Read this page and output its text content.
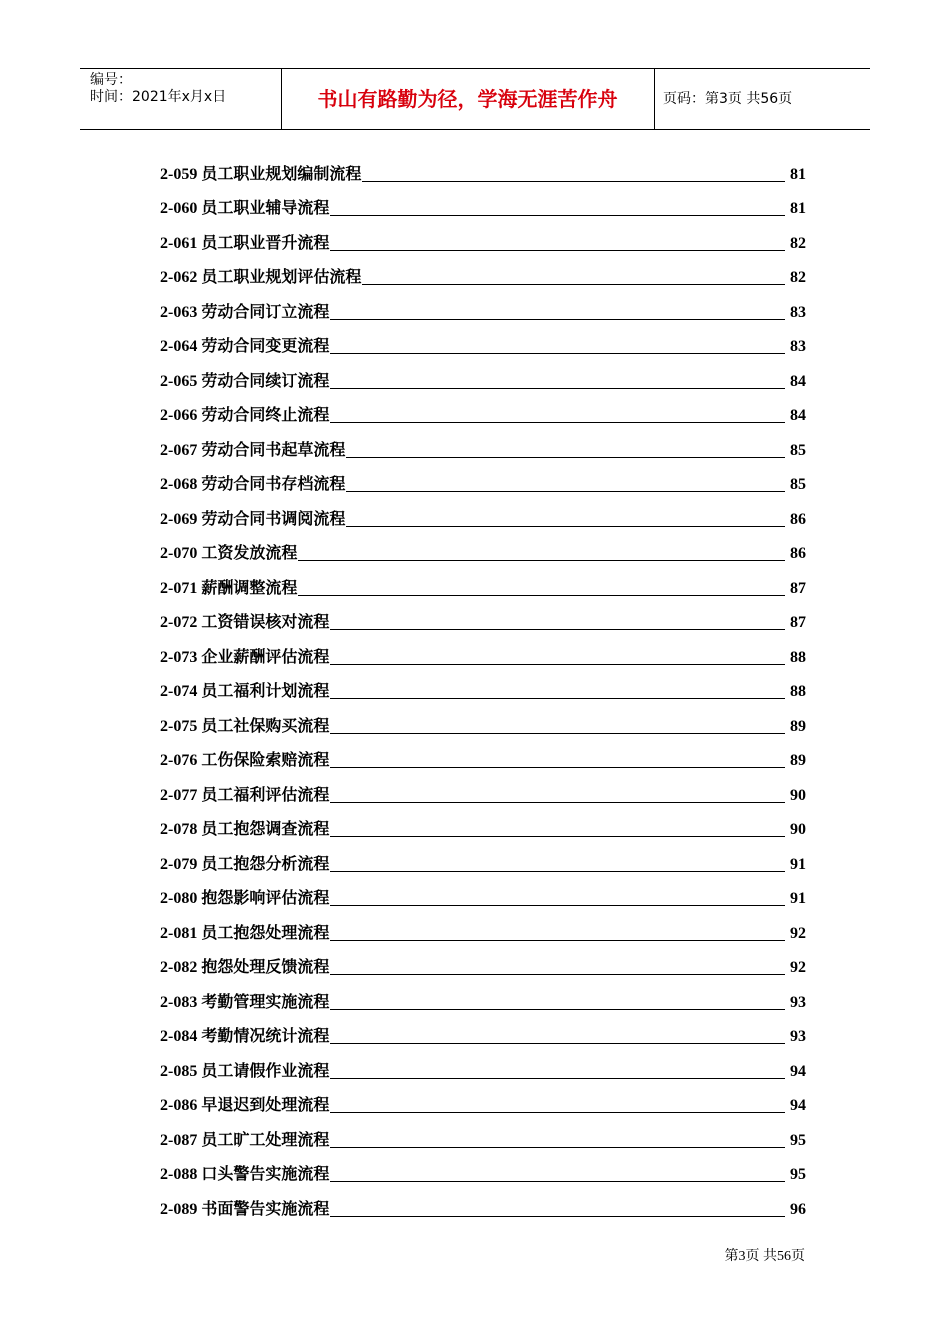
编号：
时间：2021年x月x日	书山有路勤为径，学海无涯苦作舟	页码：第3页 共56页
2-059 员工职业规划编制流程	81
2-060 员工职业辅导流程	81
2-061 员工职业晋升流程	82
2-062 员工职业规划评估流程	82
2-063 劳动合同订立流程	83
2-064 劳动合同变更流程	83
2-065 劳动合同续订流程	84
2-066 劳动合同终止流程	84
2-067 劳动合同书起草流程	85
2-068 劳动合同书存档流程	85
2-069 劳动合同书调阅流程	86
2-070 工资发放流程	86
2-071 薪酬调整流程	87
2-072 工资错误核对流程	87
2-073 企业薪酬评估流程	88
2-074 员工福利计划流程	88
2-075 员工社保购买流程	89
2-076 工伤保险索赔流程	89
2-077 员工福利评估流程	90
2-078 员工抱怨调查流程	90
2-079 员工抱怨分析流程	91
2-080 抱怨影响评估流程	91
2-081 员工抱怨处理流程	92
2-082 抱怨处理反馈流程	92
2-083 考勤管理实施流程	93
2-084 考勤情况统计流程	93
2-085 员工请假作业流程	94
2-086 早退迟到处理流程	94
2-087 员工旷工处理流程	95
2-088 口头警告实施流程	95
2-089 书面警告实施流程	96
第3页 共56页
